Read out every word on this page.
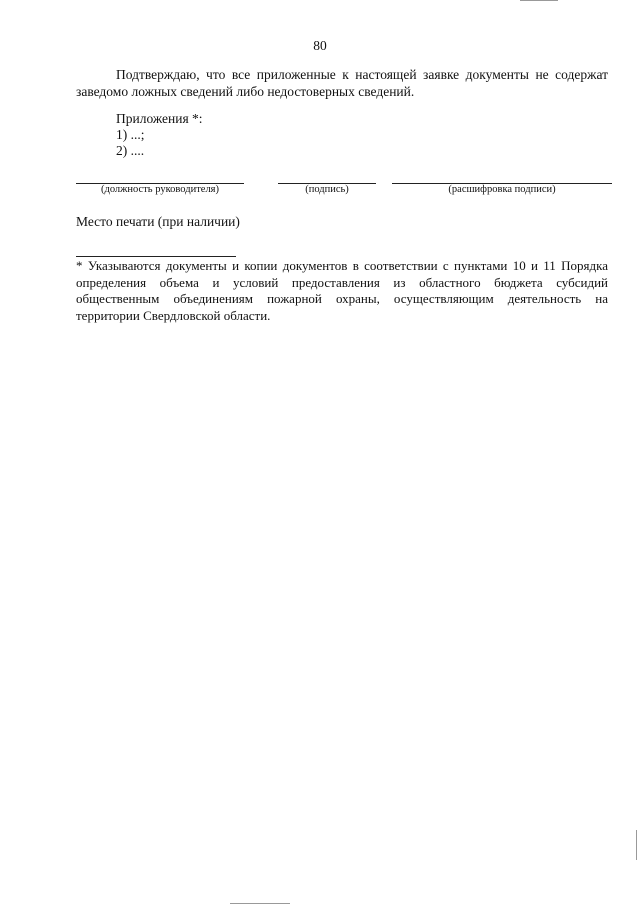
80
Подтверждаю, что все приложенные к настоящей заявке документы не содержат заведомо ложных сведений либо недостоверных сведений.
Приложения *:
1) ...;
2) ....
(должность руководителя)	(подпись)	(расшифровка подписи)
Место печати (при наличии)
* Указываются документы и копии документов в соответствии с пунктами 10 и 11 Порядка определения объема и условий предоставления из областного бюджета субсидий общественным объединениям пожарной охраны, осуществляющим деятельность на территории Свердловской области.
